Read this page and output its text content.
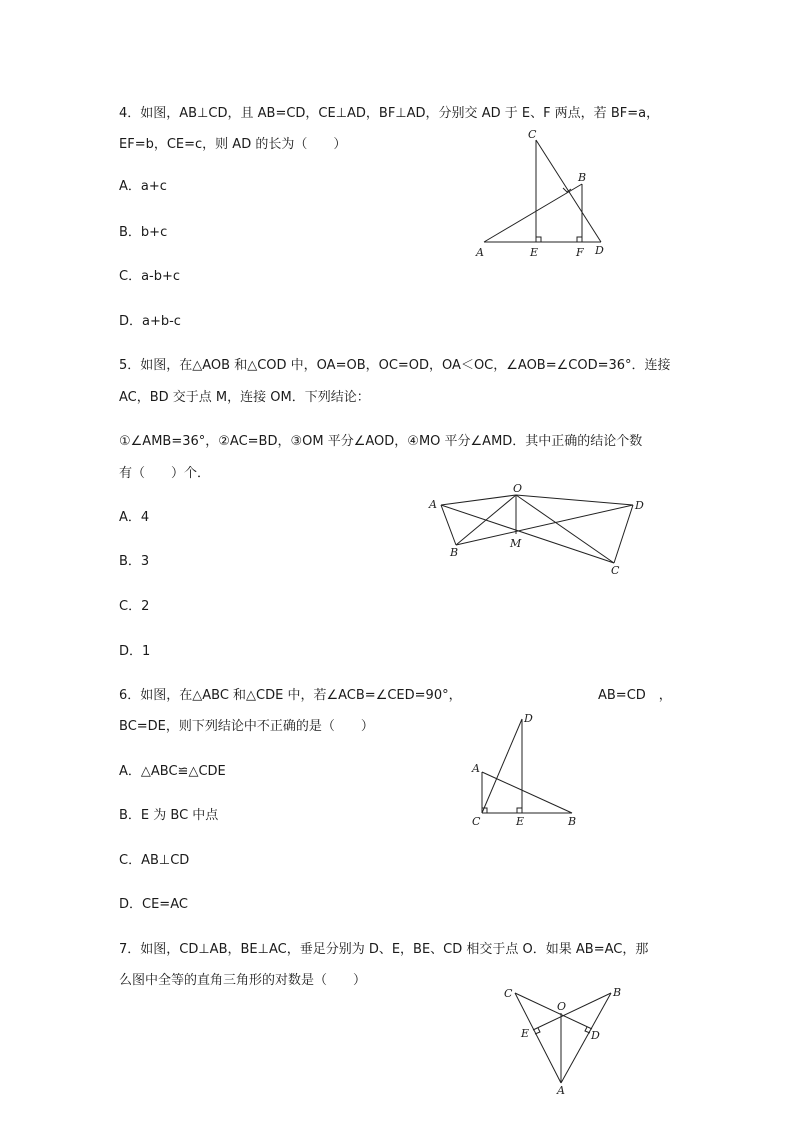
4．如图，AB⊥CD，且 AB=CD，CE⊥AD，BF⊥AD，分别交 AD 于 E、F 两点，若 BF=a，
EF=b，CE=c，则 AD 的长为（　　）
A．a+c
B．b+c
C．a-b+c
D．a+b-c
C
B
A	E	F D
5．如图，在△AOB 和△COD 中，OA=OB，OC=OD，OA＜OC，∠AOB=∠COD=36°．连接
AC，BD 交于点 M，连接 OM．下列结论：
①∠AMB=36°，②AC=BD，③OM 平分∠AOD，④MO 平分∠AMD．其中正确的结论个数
有（　　）个．
A．4
B．3
C．2
D．1
O
A	D
B
M
C
6．如图，在△ABC 和△CDE 中，若∠ACB=∠CED=90°，	AB=CD　，
BC=DE，则下列结论中不正确的是（　　）
A．△ABC≌△CDE
B．E 为 BC 中点
C．AB⊥CD
D．CE=AC
D
A
C	E	B
7．如图，CD⊥AB，BE⊥AC，垂足分别为 D、E，BE、CD 相交于点 O．如果 AB=AC，那
么图中全等的直角三角形的对数是（　　）
C
O
B
E	D
A
